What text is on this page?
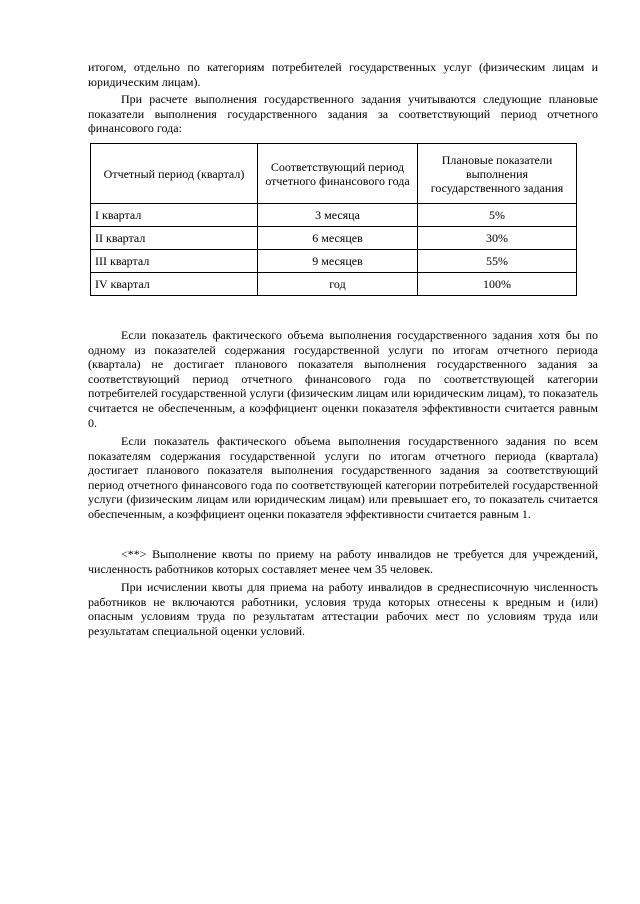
итогом, отдельно по категориям потребителей государственных услуг (физическим лицам и юридическим лицам).

При расчете выполнения государственного задания учитываются следующие плановые показатели выполнения государственного задания за соответствующий период отчетного финансового года:

Отчетный период (квартал)	Соответствующий период отчетного финансового года	Плановые показатели выполнения государственного задания
I квартал	3 месяца	5%
II квартал	6 месяцев	30%
III квартал	9 месяцев	55%
IV квартал	год	100%

Если показатель фактического объема выполнения государственного задания хотя бы по одному из показателей содержания государственной услуги по итогам отчетного периода (квартала) не достигает планового показателя выполнения государственного задания за соответствующий период отчетного финансового года по соответствующей категории потребителей государственной услуги (физическим лицам или юридическим лицам), то показатель считается не обеспеченным, а коэффициент оценки показателя эффективности считается равным 0.

Если показатель фактического объема выполнения государственного задания по всем показателям содержания государственной услуги по итогам отчетного периода (квартала) достигает планового показателя выполнения государственного задания за соответствующий период отчетного финансового года по соответствующей категории потребителей государственной услуги (физическим лицам или юридическим лицам) или превышает его, то показатель считается обеспеченным, а коэффициент оценки показателя эффективности считается равным 1.

<**> Выполнение квоты по приему на работу инвалидов не требуется для учреждений, численность работников которых составляет менее чем 35 человек.

При исчислении квоты для приема на работу инвалидов в среднесписочную численность работников не включаются работники, условия труда которых отнесены к вредным и (или) опасным условиям труда по результатам аттестации рабочих мест по условиям труда или результатам специальной оценки условий.
